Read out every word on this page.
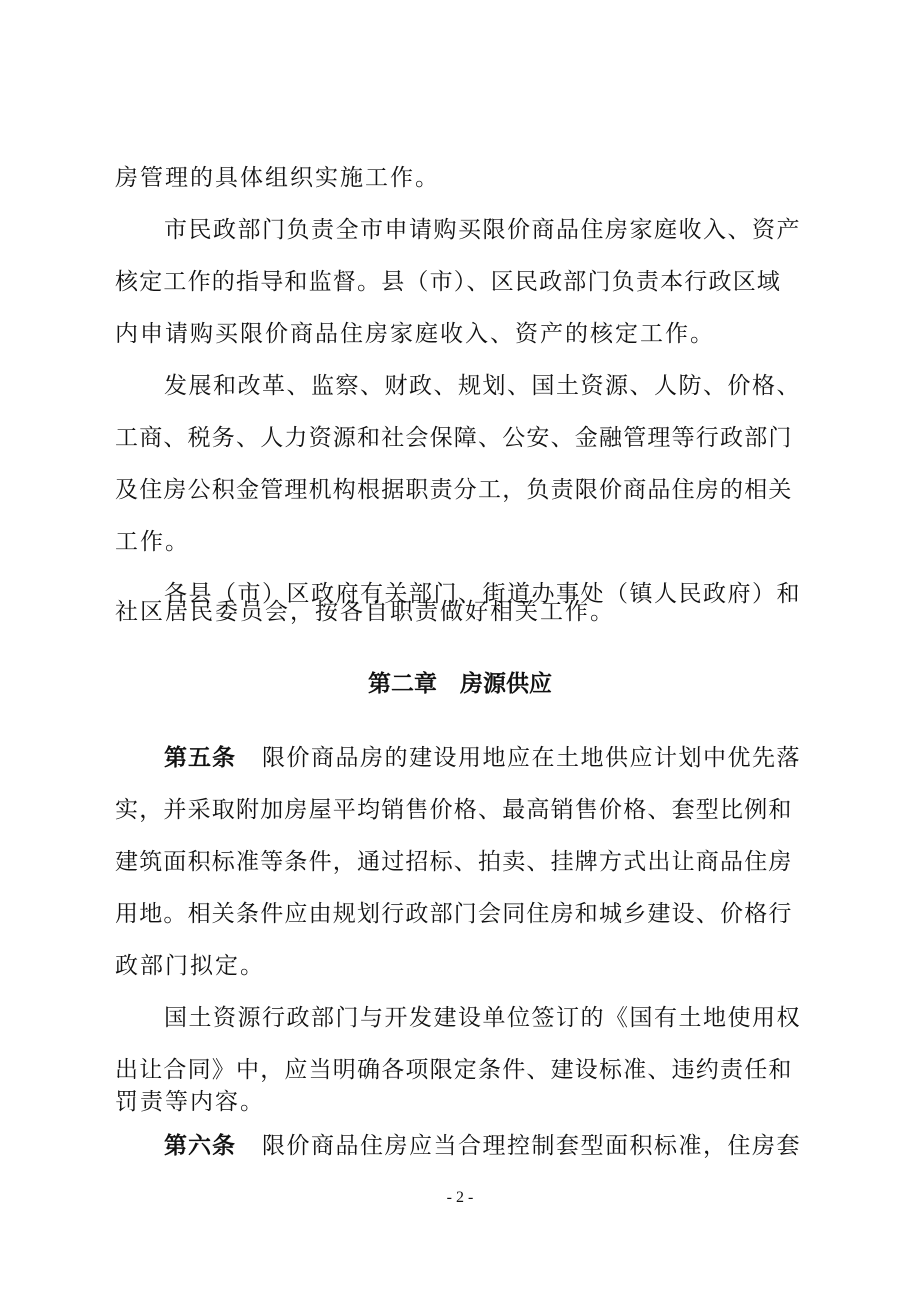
房管理的具体组织实施工作。
市民政部门负责全市申请购买限价商品住房家庭收入、资产
核定工作的指导和监督。县（市）、区民政部门负责本行政区域
内申请购买限价商品住房家庭收入、资产的核定工作。
发展和改革、监察、财政、规划、国土资源、人防、价格、
工商、税务、人力资源和社会保障、公安、金融管理等行政部门
及住房公积金管理机构根据职责分工，负责限价商品住房的相关
工作。
各县（市）区政府有关部门、街道办事处（镇人民政府）和
第二章　房源供应
第五条 限价商品房的建设用地应在土地供应计划中优先落
实，并采取附加房屋平均销售价格、最高销售价格、套型比例和
建筑面积标准等条件，通过招标、拍卖、挂牌方式出让商品住房
用地。相关条件应由规划行政部门会同住房和城乡建设、价格行
政部门拟定。
国土资源行政部门与开发建设单位签订的《国有土地使用权
出让合同》中，应当明确各项限定条件、建设标准、违约责任和
- 2 -
社区居民委员会，按各自职责做好相关工作。
罚责等内容。
第六条 限价商品住房应当合理控制套型面积标准，住房套
